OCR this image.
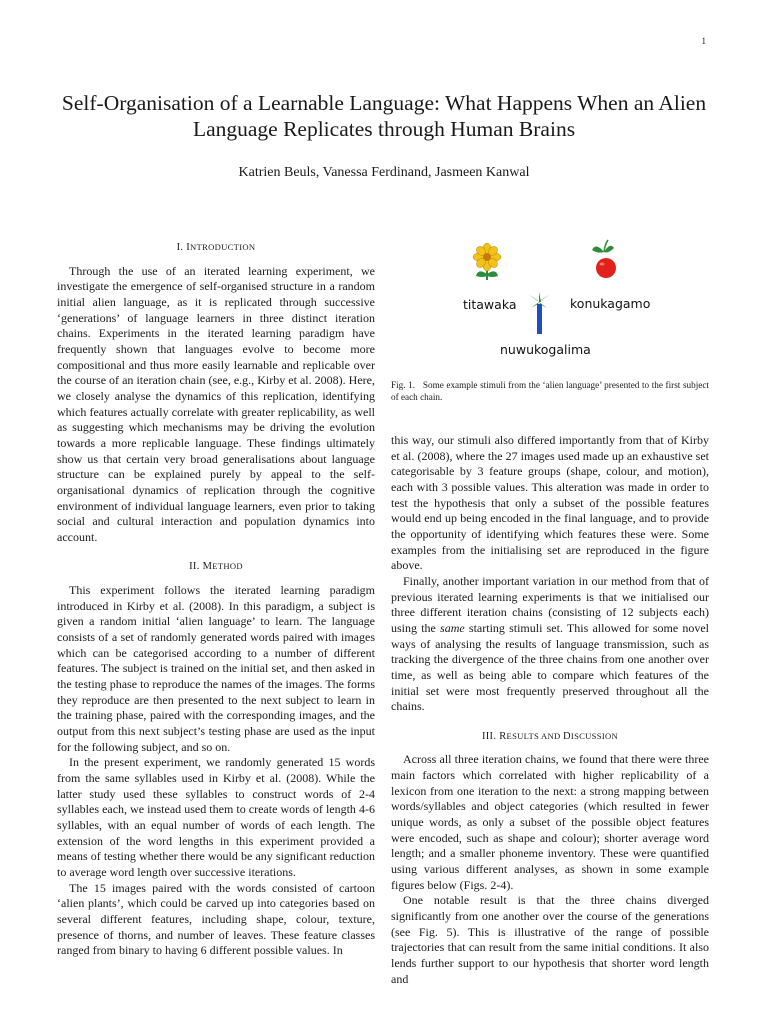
1
Self-Organisation of a Learnable Language: What Happens When an Alien Language Replicates through Human Brains
Katrien Beuls, Vanessa Ferdinand, Jasmeen Kanwal
I. INTRODUCTION

Through the use of an iterated learning experiment, we investigate the emergence of self-organised structure in a random initial alien language, as it is replicated through successive ‘generations’ of language learners in three distinct iteration chains. Experiments in the iterated learning paradigm have frequently shown that languages evolve to become more compositional and thus more easily learnable and replicable over the course of an iteration chain (see, e.g., Kirby et al. 2008). Here, we closely analyse the dynamics of this replication, identifying which features actually correlate with greater replicability, as well as suggesting which mechanisms may be driving the evolution towards a more replicable language. These findings ultimately show us that certain very broad generalisations about language structure can be explained purely by appeal to the self-organisational dynamics of replication through the cognitive environment of individual language learners, even prior to taking social and cultural interaction and population dynamics into account.

II. METHOD

This experiment follows the iterated learning paradigm introduced in Kirby et al. (2008). In this paradigm, a subject is given a random initial ‘alien language’ to learn. The language consists of a set of randomly generated words paired with images which can be categorised according to a number of different features. The subject is trained on the initial set, and then asked in the testing phase to reproduce the names of the images. The forms they reproduce are then presented to the next subject to learn in the training phase, paired with the corresponding images, and the output from this next subject’s testing phase are used as the input for the following subject, and so on.

In the present experiment, we randomly generated 15 words from the same syllables used in Kirby et al. (2008). While the latter study used these syllables to construct words of 2-4 syllables each, we instead used them to create words of length 4-6 syllables, with an equal number of words of each length. The extension of the word lengths in this experiment provided a means of testing whether there would be any significant reduction to average word length over successive iterations.

The 15 images paired with the words consisted of cartoon ‘alien plants’, which could be carved up into categories based on several different features, including shape, colour, texture, presence of thorns, and number of leaves. These feature classes ranged from binary to having 6 different possible values. In

titawaka	konukagamo
nuwukogalima
Fig. 1. Some example stimuli from the ‘alien language’ presented to the first subject of each chain.

this way, our stimuli also differed importantly from that of Kirby et al. (2008), where the 27 images used made up an exhaustive set categorisable by 3 feature groups (shape, colour, and motion), each with 3 possible values. This alteration was made in order to test the hypothesis that only a subset of the possible features would end up being encoded in the final language, and to provide the opportunity of identifying which features these were. Some examples from the initialising set are reproduced in the figure above.

Finally, another important variation in our method from that of previous iterated learning experiments is that we initialised our three different iteration chains (consisting of 12 subjects each) using the same starting stimuli set. This allowed for some novel ways of analysing the results of language transmission, such as tracking the divergence of the three chains from one another over time, as well as being able to compare which features of the initial set were most frequently preserved throughout all the chains.

III. RESULTS AND DISCUSSION

Across all three iteration chains, we found that there were three main factors which correlated with higher replicability of a lexicon from one iteration to the next: a strong mapping between words/syllables and object categories (which resulted in fewer unique words, as only a subset of the possible object features were encoded, such as shape and colour); shorter average word length; and a smaller phoneme inventory. These were quantified using various different analyses, as shown in some example figures below (Figs. 2-4).

One notable result is that the three chains diverged significantly from one another over the course of the generations (see Fig. 5). This is illustrative of the range of possible trajectories that can result from the same initial conditions. It also lends further support to our hypothesis that shorter word length and
